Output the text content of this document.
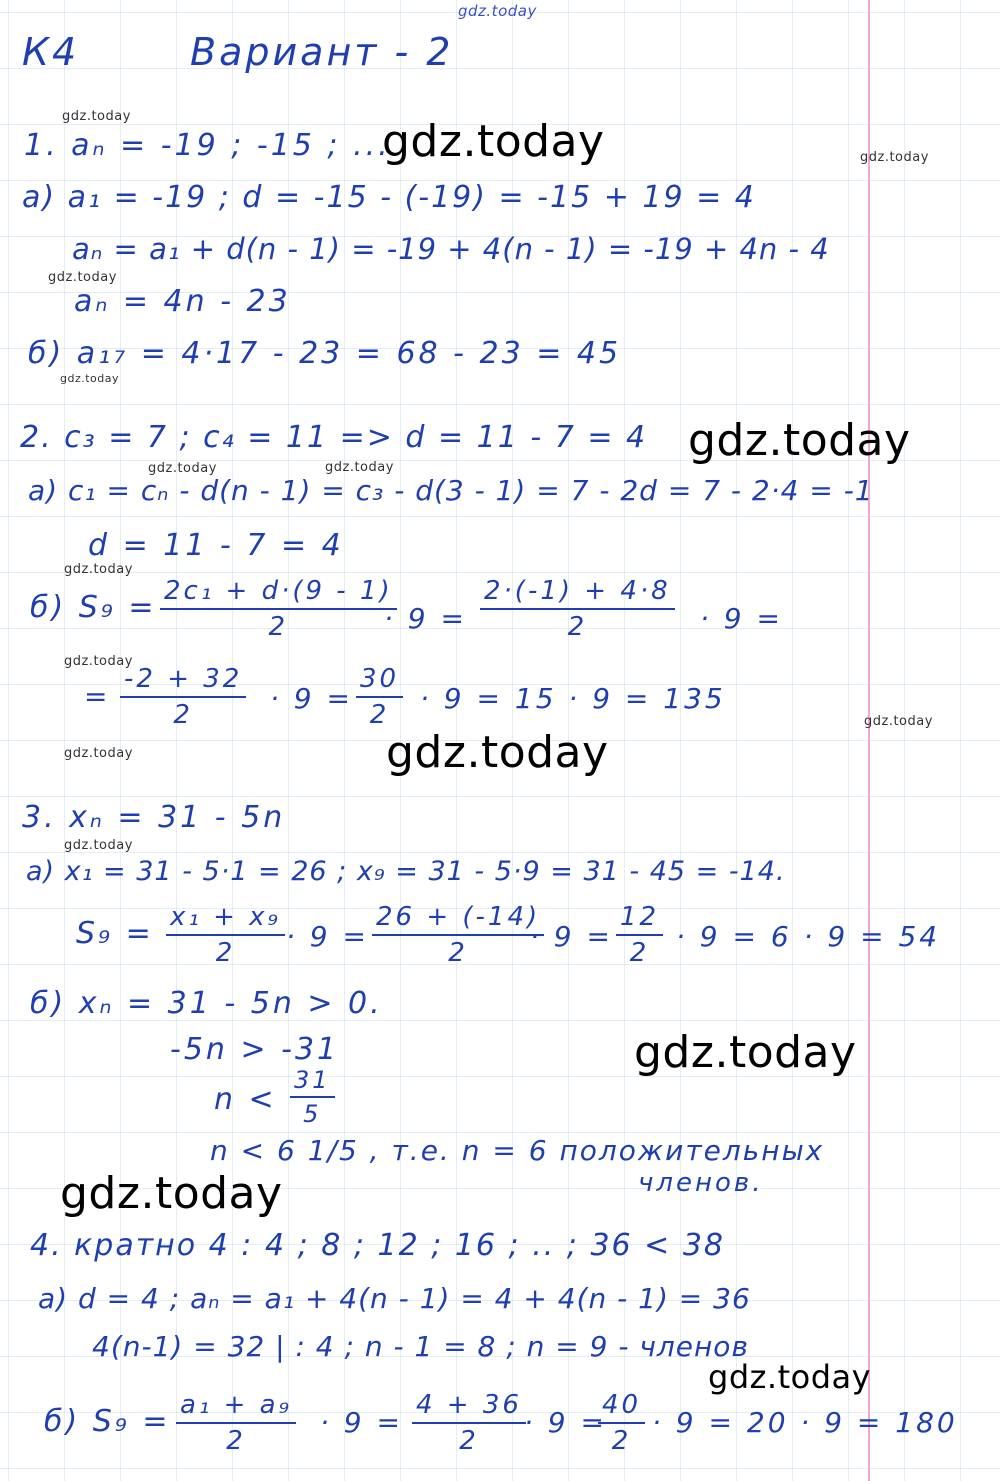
gdz.today
gdz.today
gdz.today
gdz.today
gdz.today
gdz.today
gdz.today
gdz.today
gdz.today
gdz.today
gdz.today
gdz.today	gdz.today
gdz.today
gdz.today
gdz.today
gdz.today
gdz.today
К4	Вариант - 2
1. aₙ = -19 ; -15 ; ...
а) a₁ = -19 ; d = -15 - (-19) = -15 + 19 = 4
aₙ = a₁ + d(n - 1) = -19 + 4(n - 1) = -19 + 4n - 4
aₙ = 4n - 23
б) a₁₇ = 4·17 - 23 = 68 - 23 = 45
2. c₃ = 7 ; c₄ = 11 => d = 11 - 7 = 4
а) c₁ = cₙ - d(n - 1) = c₃ - d(3 - 1) = 7 - 2d = 7 - 2·4 = -1
d = 11 - 7 = 4
б) $S_9 = \frac{\text{2c₁ + d·(9 - 1)}}{2}$
· $9 = \frac{2\cdot(-1) + 4\cdot 8}{2} \cdot 9$ =
= $\frac{-2 + 32}{2} \cdot 9 = \frac{30}{2} \cdot 9 = 15 \cdot 9 = 135$
3. xₙ = 31 - 5n
а) x₁ = 31 - 5·1 = 26 ; x₉ = 31 - 5·9 = 31 - 45 = -14.
$S_9 = \frac{\text{x₁ + x₉}}{2} \cdot 9 = \frac{26 + (-14)}{2}$
· $9 = \frac{12}{2} \cdot 9 = 6 \cdot 9 = 54$
б) xₙ = 31 - 5n > 0.
-5n > -31
$n < \frac{31}{5}$
n < 6 1/5 , т.е. n = 6 положительных
членов.
4. кратно 4 : 4 ; 8 ; 12 ; 16 ; .. ; 36 < 38
а) d = 4 ; aₙ = a₁ + 4(n - 1) = 4 + 4(n - 1) = 36
4(n-1) = 32 | : 4 ; n - 1 = 8 ; n = 9 - членов
б) $S_9 = \frac{\text{a₁ + a₉}}{2} \cdot 9 = \frac{4 + 36}{2}$
· 9 =
$\frac{40}{2} \cdot 9 = 20 \cdot 9 = 180$
